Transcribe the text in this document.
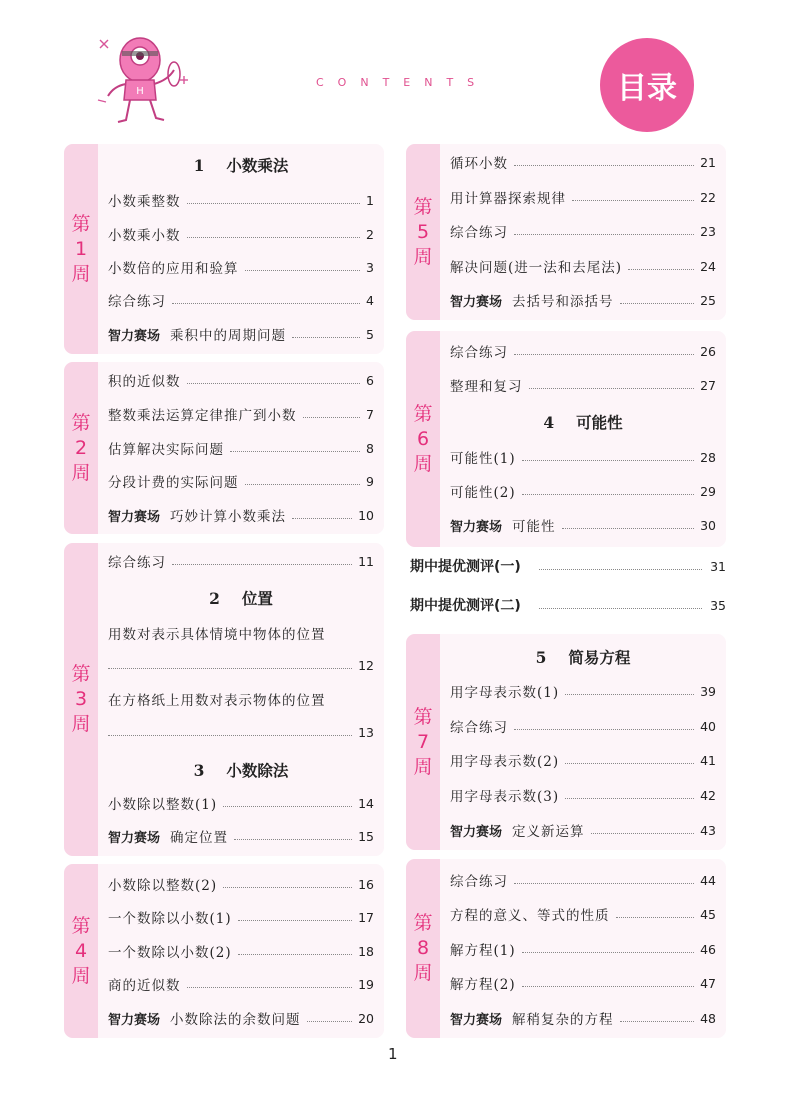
H
CONTENTS	目录
第
1
周
1 小数乘法
小数乘整数	1
小数乘小数	2
小数倍的应用和验算	3
综合练习	4
智力赛场 乘积中的周期问题	5
第
2
周
积的近似数	6
整数乘法运算定律推广到小数	7
估算解决实际问题	8
分段计费的实际问题	9
智力赛场 巧妙计算小数乘法	10
第
3
周
综合练习	11
2 位置
用数对表示具体情境中物体的位置
12
在方格纸上用数对表示物体的位置
13
3 小数除法
小数除以整数(1)	14
智力赛场 确定位置	15
第
4
周
小数除以整数(2)	16
一个数除以小数(1)	17
一个数除以小数(2)	18
商的近似数	19
智力赛场 小数除法的余数问题	20
第
5
周
循环小数	21
用计算器探索规律	22
综合练习	23
解决问题(进一法和去尾法)	24
智力赛场 去括号和添括号	25
第
6
周
综合练习	26
整理和复习	27
4 可能性
可能性(1)	28
可能性(2)	29
智力赛场 可能性	30
期中提优测评(一)	31
期中提优测评(二)	35
第
7
周
5 简易方程
用字母表示数(1)	39
综合练习	40
用字母表示数(2)	41
用字母表示数(3)	42
智力赛场 定义新运算	43
第
8
周
综合练习	44
方程的意义、等式的性质	45
解方程(1)	46
解方程(2)	47
智力赛场 解稍复杂的方程	48
1
